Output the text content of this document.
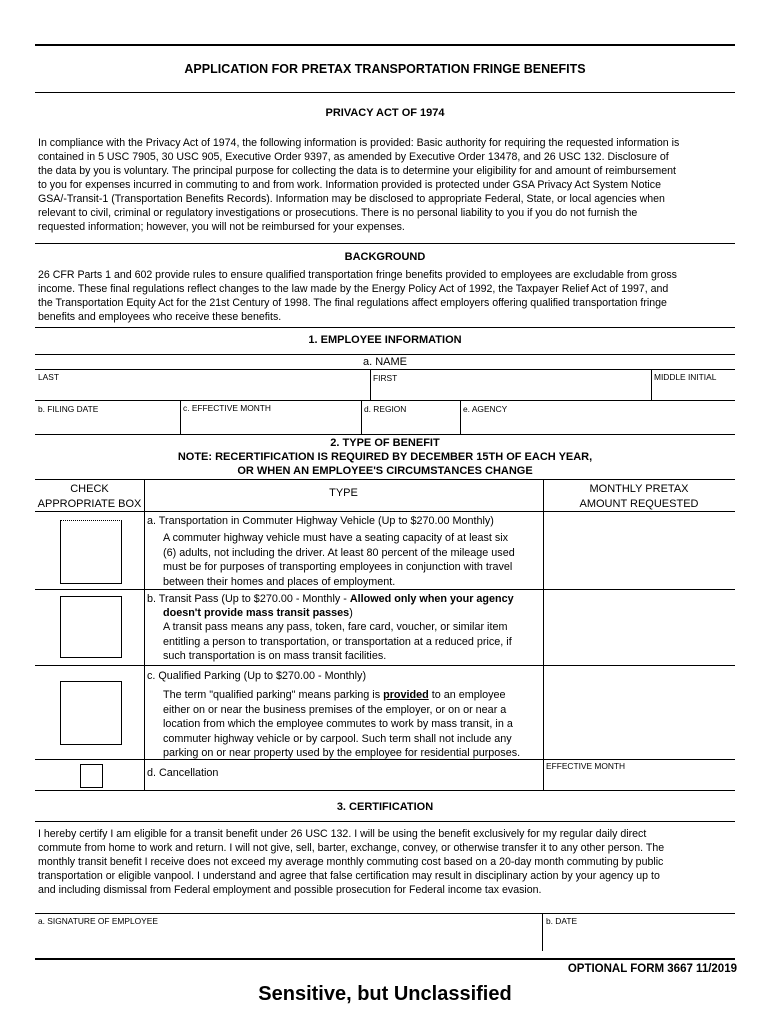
APPLICATION FOR PRETAX TRANSPORTATION FRINGE BENEFITS
PRIVACY ACT OF 1974
In compliance with the Privacy Act of 1974, the following information is provided: Basic authority for requiring the requested information is
contained in 5 USC 7905, 30 USC 905, Executive Order 9397, as amended by Executive Order 13478, and 26 USC 132. Disclosure of
the data by you is voluntary. The principal purpose for collecting the data is to determine your eligibility for and amount of reimbursement
to you for expenses incurred in commuting to and from work. Information provided is protected under GSA Privacy Act System Notice
GSA/-Transit-1 (Transportation Benefits Records). Information may be disclosed to appropriate Federal, State, or local agencies when
relevant to civil, criminal or regulatory investigations or prosecutions. There is no personal liability to you if you do not furnish the
requested information; however, you will not be reimbursed for your expenses.
BACKGROUND
26 CFR Parts 1 and 602 provide rules to ensure qualified transportation fringe benefits provided to employees are excludable from gross
income. These final regulations reflect changes to the law made by the Energy Policy Act of 1992, the Taxpayer Relief Act of 1997, and
the Transportation Equity Act for the 21st Century of 1998. The final regulations affect employers offering qualified transportation fringe
benefits and employees who receive these benefits.
1. EMPLOYEE INFORMATION
a. NAME
LAST	FIRST	MIDDLE INITIAL
b. FILING DATE	c. EFFECTIVE MONTH	d. REGION	e. AGENCY
2. TYPE OF BENEFIT
NOTE: RECERTIFICATION IS REQUIRED BY DECEMBER 15TH OF EACH YEAR,
OR WHEN AN EMPLOYEE'S CIRCUMSTANCES CHANGE
CHECK
APPROPRIATE BOX
TYPE	MONTHLY PRETAX
AMOUNT REQUESTED
a. Transportation in Commuter Highway Vehicle (Up to $270.00 Monthly)
A commuter highway vehicle must have a seating capacity of at least six
(6) adults, not including the driver. At least 80 percent of the mileage used
must be for purposes of transporting employees in conjunction with travel
between their homes and places of employment.
b. Transit Pass (Up to $270.00 - Monthly - Allowed only when your agency
doesn't provide mass transit passes)
A transit pass means any pass, token, fare card, voucher, or similar item
entitling a person to transportation, or transportation at a reduced price, if
such transportation is on mass transit facilities.
c. Qualified Parking (Up to $270.00 - Monthly)
The term "qualified parking" means parking is provided to an employee
either on or near the business premises of the employer, or on or near a
location from which the employee commutes to work by mass transit, in a
commuter highway vehicle or by carpool. Such term shall not include any
parking on or near property used by the employee for residential purposes.
d. Cancellation
EFFECTIVE MONTH
3. CERTIFICATION
I hereby certify I am eligible for a transit benefit under 26 USC 132. I will be using the benefit exclusively for my regular daily direct
commute from home to work and return. I will not give, sell, barter, exchange, convey, or otherwise transfer it to any other person. The
monthly transit benefit I receive does not exceed my average monthly commuting cost based on a 20-day month commuting by public
transportation or eligible vanpool. I understand and agree that false certification may result in disciplinary action by your agency up to
and including dismissal from Federal employment and possible prosecution for Federal income tax evasion.
a. SIGNATURE OF EMPLOYEE	b. DATE
OPTIONAL FORM 3667 11/2019
Sensitive, but Unclassified
